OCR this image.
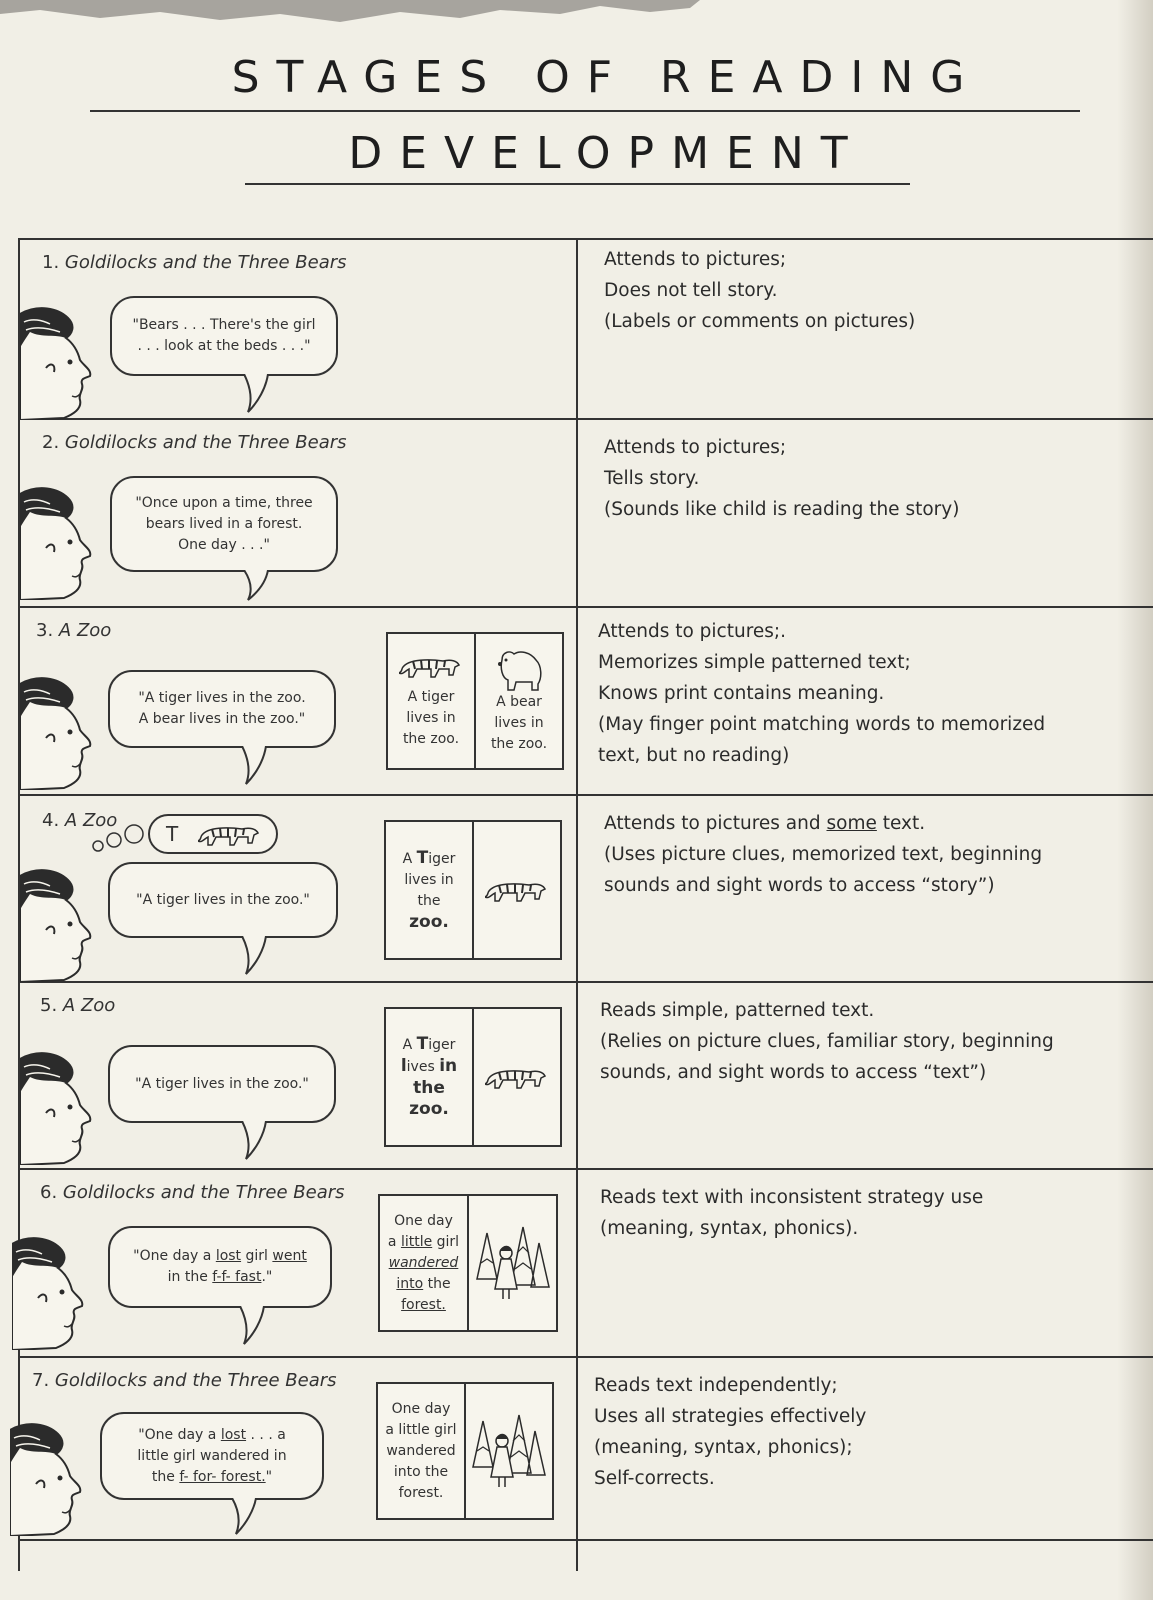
STAGES OF READING
DEVELOPMENT
1. Goldilocks and the Three Bears
"Bears . . . There's the girl
. . . look at the beds . . ."
Attends to pictures;
Does not tell story.
(Labels or comments on pictures)
2. Goldilocks and the Three Bears
"Once upon a time, three
bears lived in a forest.
One day . . ."
Attends to pictures;
Tells story.
(Sounds like child is reading the story)
3. A Zoo
"A tiger lives in the zoo.
A bear lives in the zoo."
A tiger
lives in
the zoo.
A bear
lives in
the zoo.
Attends to pictures;.
Memorizes simple patterned text;
Knows print contains meaning.
(May finger point matching words to memorized
text, but no reading)
4. A Zoo
T
"A tiger lives in the zoo."
A Tiger
lives in
the
zoo.
Attends to pictures and some text.
(Uses picture clues, memorized text, beginning
sounds and sight words to access “story”)
5. A Zoo
"A tiger lives in the zoo."
A Tiger
lives in
the
zoo.
Reads simple, patterned text.
(Relies on picture clues, familiar story, beginning
sounds, and sight words to access “text”)
6. Goldilocks and the Three Bears
"One day a lost girl went
in the f-f- fast."
One day
a little girl
wandered
into the
forest.
Reads text with inconsistent strategy use
(meaning, syntax, phonics).
7. Goldilocks and the Three Bears
"One day a lost . . . a
little girl wandered in
the f- for- forest."
One day
a little girl
wandered
into the
forest.
Reads text independently;
Uses all strategies effectively
(meaning, syntax, phonics);
Self-corrects.
